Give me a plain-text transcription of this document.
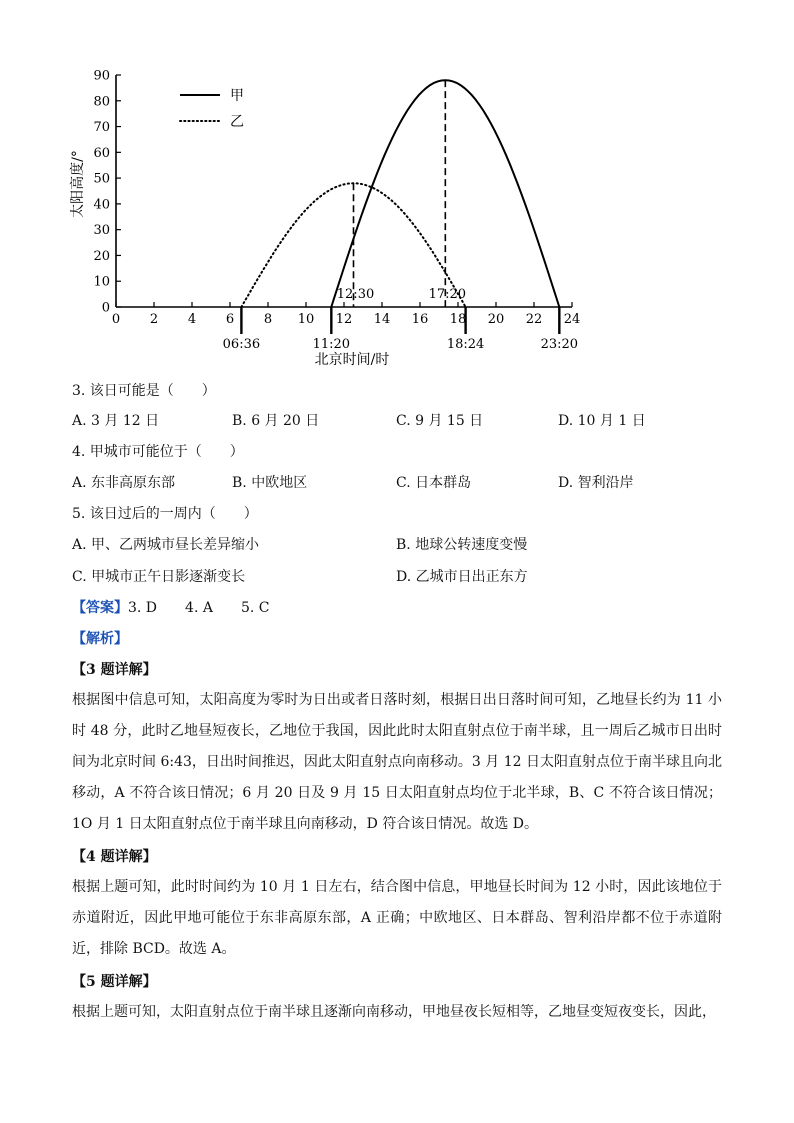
0 2 4 6 8 10 12 14 16 18 20 22 24
0
10
20
30
40
50
60
70
80
90
甲
乙
12:30	17:20
06:36	11:20	18:24	23:20
太阳高度/°
北京时间/时
3. 该日可能是（　　）
A. 3 月 12 日	B. 6 月 20 日	C. 9 月 15 日	D. 10 月 1 日
4. 甲城市可能位于（　　）
A. 东非高原东部	B. 中欧地区	C. 日本群岛	D. 智利沿岸
5. 该日过后的一周内（　　）
A. 甲、乙两城市昼长差异缩小	B. 地球公转速度变慢
C. 甲城市正午日影逐渐变长	D. 乙城市日出正东方
【答案】3. D　　4. A　　5. C
【解析】
【3 题详解】
根据图中信息可知，太阳高度为零时为日出或者日落时刻，根据日出日落时间可知，乙地昼长约为 11 小时 48 分，此时乙地昼短夜长，乙地位于我国，因此此时太阳直射点位于南半球，且一周后乙城市日出时间为北京时间 6:43，日出时间推迟，因此太阳直射点向南移动。3 月 12 日太阳直射点位于南半球且向北移动，A 不符合该日情况；6 月 20 日及 9 月 15 日太阳直射点均位于北半球，B、C 不符合该日情况；1O 月 1 日太阳直射点位于南半球且向南移动，D 符合该日情况。故选 D。
【4 题详解】
根据上题可知，此时时间约为 10 月 1 日左右，结合图中信息，甲地昼长时间为 12 小时，因此该地位于赤道附近，因此甲地可能位于东非高原东部，A 正确；中欧地区、日本群岛、智利沿岸都不位于赤道附近，排除 BCD。故选 A。
【5 题详解】
根据上题可知，太阳直射点位于南半球且逐渐向南移动，甲地昼夜长短相等，乙地昼变短夜变长，因此，
